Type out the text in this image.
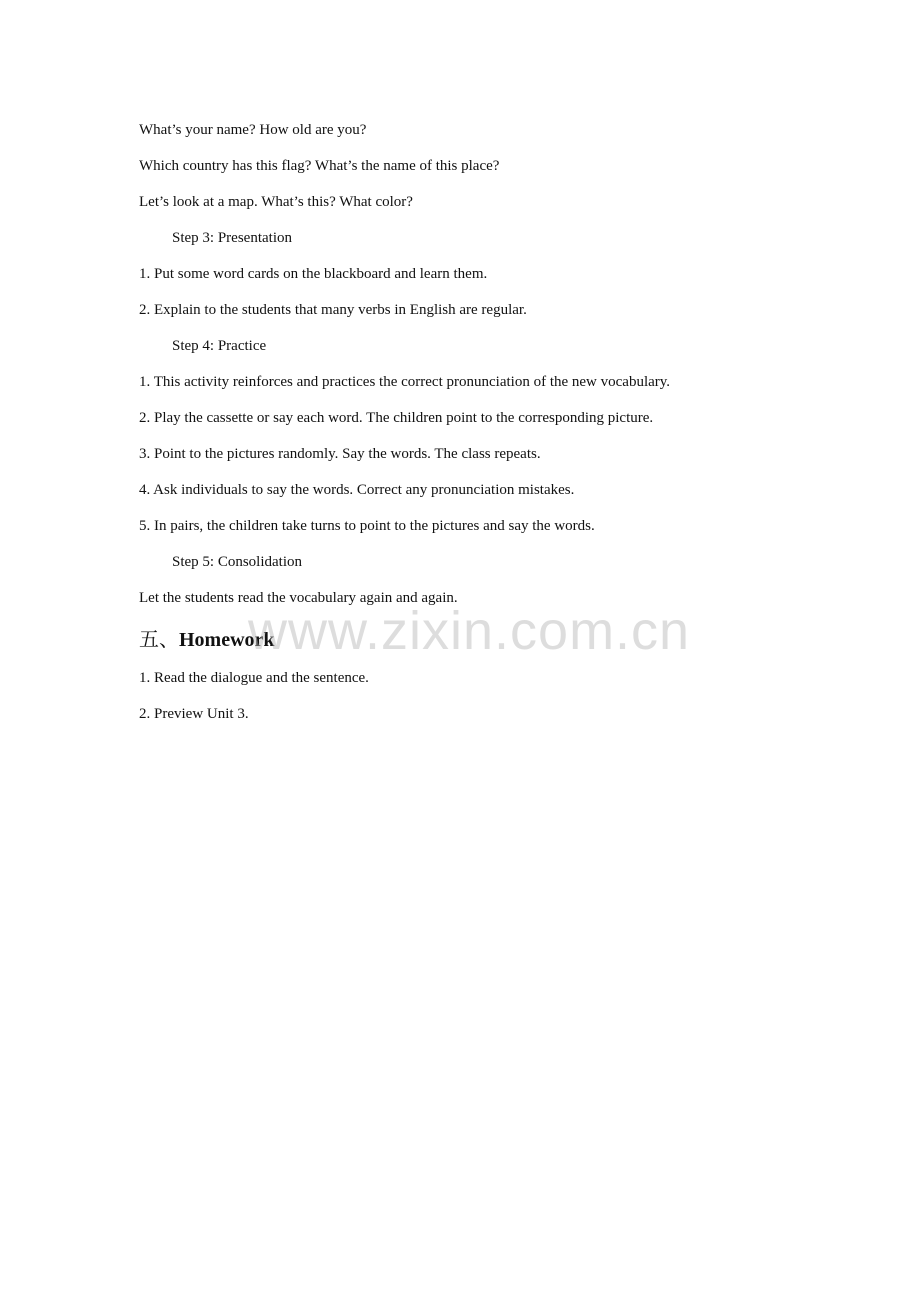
What’s your name? How old are you?
Which country has this flag? What’s the name of this place?
Let’s look at a map. What’s this? What color?
Step 3: Presentation
1. Put some word cards on the blackboard and learn them.
2. Explain to the students that many verbs in English are regular.
Step 4: Practice
1. This activity reinforces and practices the correct pronunciation of the new vocabulary.
2. Play the cassette or say each word. The children point to the corresponding picture.
3. Point to the pictures randomly. Say the words. The class repeats.
4. Ask individuals to say the words. Correct any pronunciation mistakes.
5. In pairs, the children take turns to point to the pictures and say the words.
Step 5: Consolidation
Let the students read the vocabulary again and again.
五、Homework
1. Read the dialogue and the sentence.
2. Preview Unit 3.
www.zixin.com.cn
